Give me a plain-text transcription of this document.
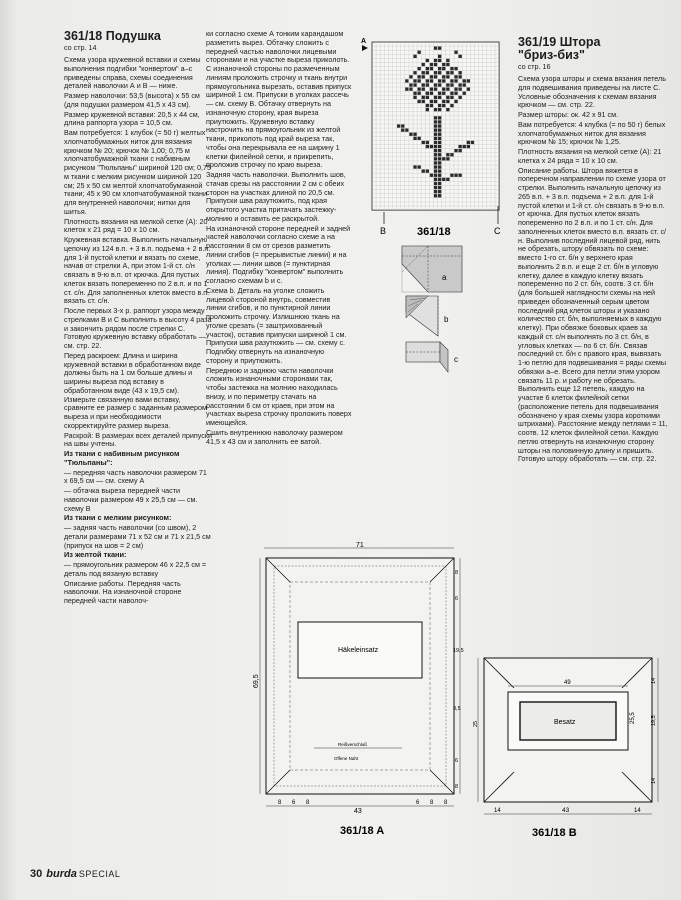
361/18 Подушка
со стр. 14

Схема узора кружевной вставки и схемы выполнения подгибки "конвертом" а–с приведены справа, схемы соединения деталей наволочки А и В — ниже.

Размер наволочки: 53,5 (высота) х 55 см (для подушки размером 41,5 х 43 см).

Размер кружевной вставки: 20,5 х 44 см, длина раппорта узора = 10,5 см.

Вам потребуется: 1 клубок (= 50 г) желтых хлопчатобумажных ниток для вязания крючком № 20; крючок № 1,00; 0,75 м хлопчатобумажной ткани с набивным рисунком "Тюльпаны" шириной 120 см; 0,75 м ткани с мелким рисунком шириной 120 см; 25 х 50 см желтой хлопчатобумажной ткани; 45 х 90 см хлопчатобумажной ткани для внутренней наволочки; нитки для шитья.

Плотность вязания на мелкой сетке (А): 20 клеток х 21 ряд = 10 х 10 см.

Кружевная вставка. Выполнить начальную цепочку из 124 в.п. + 3 в.п. подъема + 2 в.п. для 1-й пустой клетки и вязать по схеме, начав от стрелки А, при этом 1-й ст. с/н связать в 9-ю в.п. от крючка. Для пустых клеток вязать попеременно по 2 в.п. и по 1 ст. с/н. Для заполненных клеток вместо в.п. вязать ст. с/н.

После первых 3-х р. раппорт узора между стрелками В и С выполнить в высоту 4 раза и закончить рядом после стрелки С. Готовую кружевную вставку обработать — см. стр. 22.

Перед раскроем: Длина и ширина кружевной вставки в обработанном виде должны быть на 1 см больше длины и ширины выреза под вставку в обработанном виде (43 х 19,5 см). Измерьте связанную вами вставку, сравните ее размер с заданным размером выреза и при необходимости скорректируйте размер выреза.

Раскрой: В размерах всех деталей припуски на швы учтены.

Из ткани с набивным рисунком "Тюльпаны":

— передняя часть наволочки размером 71 х 69,5 см — см. схему А

— обтачка выреза передней части наволочки размером 49 х 25,5 см — см. схему В

Из ткани с мелким рисунком:

— задняя часть наволочки (со швом), 2 детали размерами 71 х 52 см и 71 х 21,5 см (припуск на шов = 2 см)

Из желтой ткани:

— прямоугольник размером 46 х 22,5 см = деталь под вязаную вставку

Описание работы. Передняя часть наволочки. На изнаночной стороне передней части наволоч-

ки согласно схеме А тонким карандашом разметить вырез. Обтачку сложить с передней частью наволочки лицевыми сторонами и на участке выреза приколоть. С изнаночной стороны по размеченным линиям проложить строчку и ткань внутри прямоугольника вырезать, оставив припуск шириной 1 см. Припуски в уголках рассечь — см. схему В. Обтачку отвернуть на изнаночную сторону, края выреза приутюжить. Кружевную вставку настрочить на прямоугольник из желтой ткани, приколоть под край выреза так, чтобы она перекрывала ее на ширину 1 клетки филейной сетки, и прикрепить, проложив строчку по краю выреза.

Задняя часть наволочки. Выполнить шов, стачав срезы на расстоянии 2 см с обеих сторон на участках длиной по 20,5 см. Припуски шва разутюжить, под края открытого участка притачать застежку-молнию и оставить ее раскрытой.

На изнаночной стороне передней и задней частей наволочки согласно схеме а на расстоянии 8 см от срезов разметить линии сгибов (= прерывистые линии) и на уголках — линии швов (= пунктирная линия). Подгибку "конвертом" выполнить согласно схемам b и с.

Схема b. Деталь на уголке сложить лицевой стороной внутрь, совместив линии сгибов, и по пунктирной линии проложить строчку. Излишнюю ткань на уголке срезать (= заштрихованный участок), оставив припуски шириной 1 см. Припуски шва разутюжить — см. схему с. Подгибку отвернуть на изнаночную сторону и приутюжить.

Переднюю и заднюю части наволочки сложить изнаночными сторонами так, чтобы застежка на молнию находилась внизу, и по периметру стачать на расстоянии 6 см от краев, при этом на участках выреза строчку проложить поверх имеющейся.

Сшить внутреннюю наволочку размером 41,5 х 43 см и заполнить ее ватой.

A
B	C
361/18
a
b
c
361/19 Штора
"бриз-биз"
со стр. 16

Схема узора шторы и схема вязания петель для подвешивания приведены на листе С. Условные обозначения к схемам вязания крючком — см. стр. 22.

Размер шторы: ок. 42 х 91 см.

Вам потребуется: 4 клубка (= по 50 г) белых хлопчатобумажных ниток для вязания крючком № 15; крючок № 1,25.

Плотность вязания на мелкой сетке (А): 21 клетка х 24 ряда = 10 х 10 см.

Описание работы. Штора вяжется в поперечном направлении по схеме узора от стрелки. Выполнить начальную цепочку из 265 в.п. + 3 в.п. подъема + 2 в.п. для 1-й пустой клетки и 1-й ст. с/н связать в 9-ю в.п. от крючка. Для пустых клеток вязать попеременно по 2 в.п. и по 1 ст. с/н. Для заполненных клеток вместо в.п. вязать ст. с/н. Выполнив последний лицевой ряд, нить не обрезать, штору обвязать по схеме: вместо 1-го ст. б/н у верхнего края выполнить 2 в.п. и еще 2 ст. б/н в угловую клетку, далее в каждую клетку вязать попеременно по 2 ст. б/н, соотв. 3 ст. б/н (для большей наглядности схемы на ней приведен обозначенный серым цветом последний ряд клеток шторы и указано количество ст. б/н, выполняемых в каждую клетку). При обвязке боковых краев за каждый ст. с/н выполнять по 3 ст. б/н, в угловых клетках — по 6 ст. б/н. Связав последний ст. б/н с правого края, вывязать 1-ю петлю для подвешивания = ряды схемы обвязки а–е. Всего для петли этим узором связать 11 р. и работу не обрезать. Выполнить еще 12 петель, каждую на участке 6 клеток филейной сетки (расположение петель для подвешивания обозначено у края схемы узора короткими штрихами). Расстояние между петлями = 11, соотв. 12 клеток филейной сетки. Каждую петлю отвернуть на изнаночную сторону шторы на половинную длину и пришить. Готовую штору обработать — см. стр. 22.

71
69,5
Häkeleinsatz
Reißverschluß
Offene Naht
8 6 8
43
6 8 8
8
6
19,5
9,5
6
8
361/18 A
49
Besatz	25,5
14	43	14
25	19,5
14
14
361/18 B
30 burda SPECIAL
